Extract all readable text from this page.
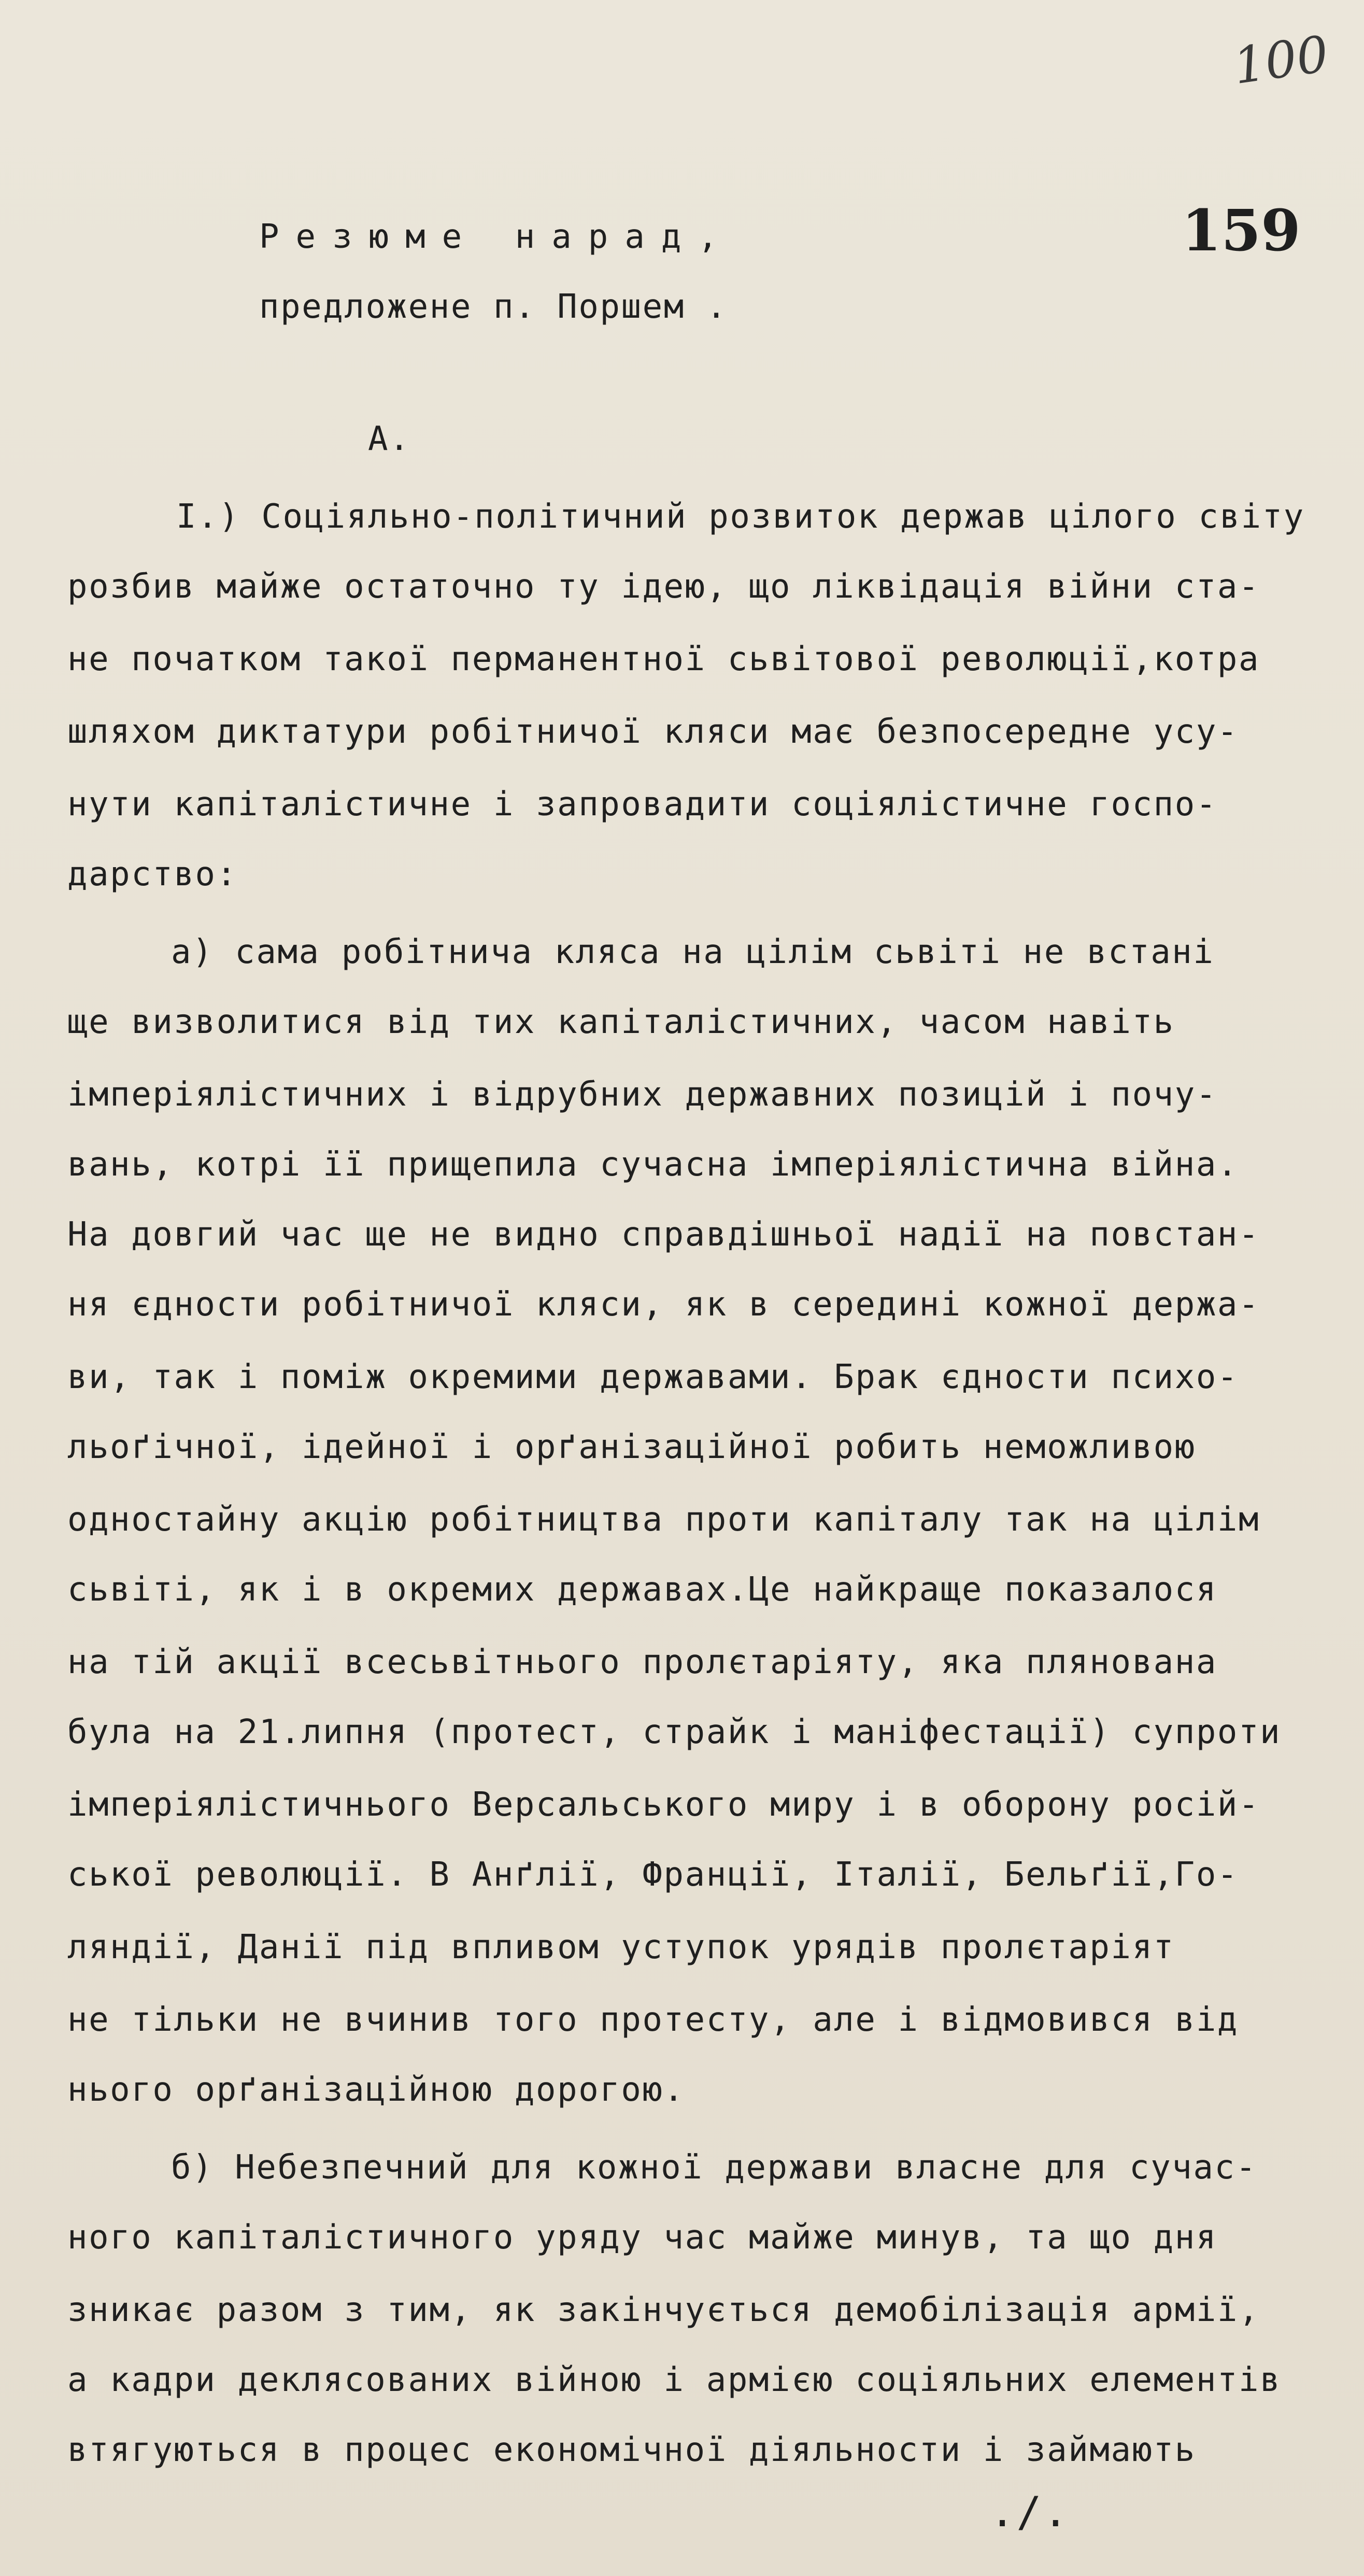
100
159
Резюме нарад,
предложене п. Поршем .
А.
І.) Соціяльно-політичний розвиток держав цілого світу
розбив майже остаточно ту ідею, що ліквідація війни ста-
не початком такої перманентної сьвітової революції,котра
шляхом диктатури робітничої кляси має безпосередне усу-
нути капіталістичне і запровадити соціялістичне госпо-
дарство:
а) сама робітнича кляса на цілім сьвіті не встані
ще визволитися від тих капіталістичних, часом навіть
імперіялістичних і відрубних державних позицій і почу-
вань, котрі її прищепила сучасна імперіялістична війна.
На довгий час ще не видно справдішньої надії на повстан-
ня єдности робітничої кляси, як в середині кожної держа-
ви, так і поміж окремими державами. Брак єдности психо-
льоґічної, ідейної і орґанізаційної робить неможливою
одностайну акцію робітництва проти капіталу так на цілім
сьвіті, як і в окремих державах.Це найкраще показалося
на тій акції всесьвітнього пролєтаріяту, яка плянована
була на 21.липня (протест, страйк і маніфестації) супроти
імперіялістичнього Версальського миру і в оборону росій-
ської революції. В Анґлії, Франції, Італії, Бельґії,Го-
ляндії, Данії під впливом уступок урядів пролєтаріят
не тільки не вчинив того протесту, але і відмовився від
нього орґанізаційною дорогою.
б) Небезпечний для кожної держави власне для сучас-
ного капіталістичного уряду час майже минув, та що дня
зникає разом з тим, як закінчується демобілізація армії,
а кадри деклясованих війною і армією соціяльних елементів
втягуються в процес економічної діяльности і займають
./.
